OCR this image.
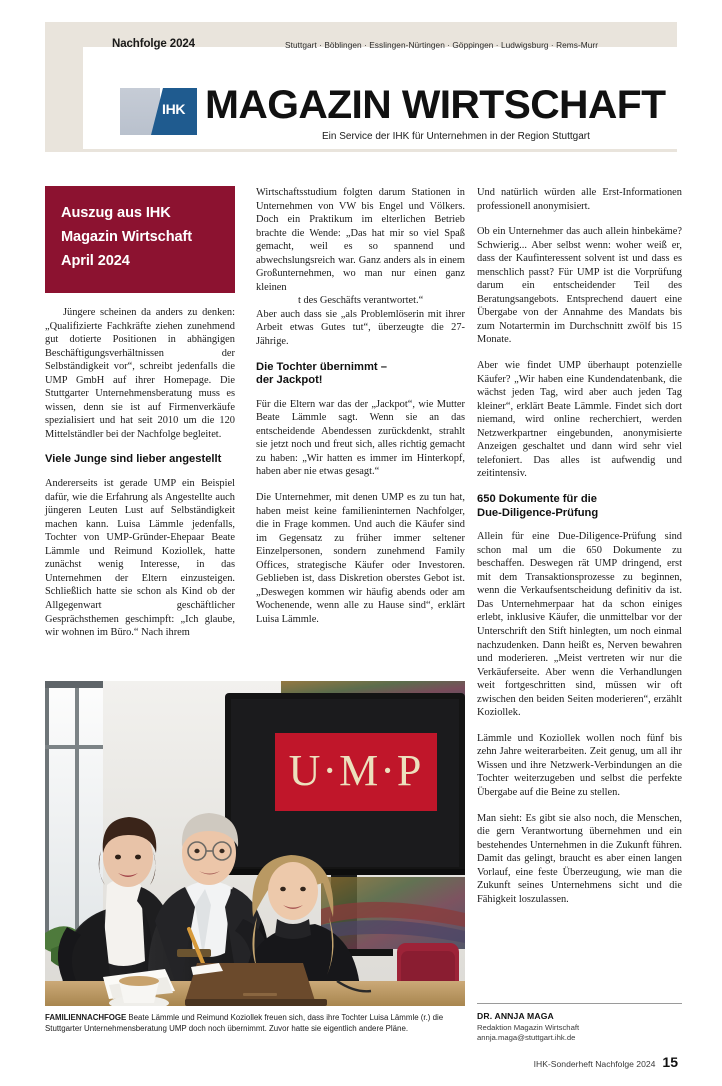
Nachfolge 2024	Stuttgart · Böblingen · Esslingen-Nürtingen · Göppingen · Ludwigsburg · Rems-Murr
IHK MAGAZIN WIRTSCHAFT
Ein Service der IHK für Unternehmen in der Region Stuttgart
Auszug aus IHK
Magazin Wirtschaft
April 2024

Jüngere scheinen da anders zu denken: „Qualifizierte Fachkräfte ziehen zunehmend gut dotierte Positionen in abhängigen Beschäftigungsverhältnissen der Selbständigkeit vor“, schreibt jedenfalls die UMP GmbH auf ihrer Homepage. Die Stuttgarter Unternehmensberatung muss es wissen, denn sie ist auf Firmenverkäufe spezialisiert und hat seit 2010 um die 120 Mittelständler bei der Nachfolge begleitet.

Viele Junge sind lieber angestellt

Andererseits ist gerade UMP ein Beispiel dafür, wie die Erfahrung als Angestellte auch jüngeren Leuten Lust auf Selbständigkeit machen kann. Luisa Lämmle jedenfalls, Tochter von UMP-Gründer-Ehepaar Beate Lämmle und Reimund Koziollek, hatte zunächst wenig Interesse, in das Unternehmen der Eltern einzusteigen. Schließlich hatte sie schon als Kind ob der Allgegenwart geschäftlicher Gesprächsthemen geschimpft: „Ich glaube, wir wohnen im Büro.“ Nach ihrem

Wirtschaftsstudium folgten darum Stationen in Unternehmen von VW bis Engel und Völkers. Doch ein Praktikum im elterlichen Betrieb brachte die Wende: „Das hat mir so viel Spaß gemacht, weil es so spannend und abwechslungsreich war. Ganz anders als in einem Großunternehmen, wo man nur einen ganz kleinen

t des Geschäfts verantwortet.“

Aber auch dass sie „als Problemlöserin mit ihrer Arbeit etwas Gutes tut“, überzeugte die 27-Jährige.

Die Tochter übernimmt –
der Jackpot!

Für die Eltern war das der „Jackpot“, wie Mutter Beate Lämmle sagt. Wenn sie an das entscheidende Abendessen zurückdenkt, strahlt sie jetzt noch und freut sich, alles richtig gemacht zu haben: „Wir hatten es immer im Hinterkopf, haben aber nie etwas gesagt.“

Die Unternehmer, mit denen UMP es zu tun hat, haben meist keine familieninternen Nachfolger, die in Frage kommen. Und auch die Käufer sind im Gegensatz zu früher immer seltener Einzelpersonen, sondern zunehmend Family Offices, strategische Käufer oder Investoren. Geblieben ist, dass Diskretion oberstes Gebot ist. „Deswegen kommen wir häufig abends oder am Wochenende, wenn alle zu Hause sind“, erklärt Luisa Lämmle.

Und natürlich würden alle Erst-Informationen professionell anonymisiert.

Ob ein Unternehmer das auch allein hinbekäme? Schwierig... Aber selbst wenn: woher weiß er, dass der Kaufinteressent solvent ist und dass es menschlich passt? Für UMP ist die Vorprüfung darum ein entscheidender Teil des Beratungsangebots. Entsprechend dauert eine Übergabe von der Annahme des Mandats bis zum Notartermin im Durchschnitt zwölf bis 15 Monate.

Aber wie findet UMP überhaupt potenzielle Käufer? „Wir haben eine Kundendatenbank, die wächst jeden Tag, wird aber auch jeden Tag kleiner“, erklärt Beate Lämmle. Findet sich dort niemand, wird online recherchiert, werden Netzwerkpartner eingebunden, anonymisierte Anzeigen geschaltet und dann wird sehr viel telefoniert. Das alles ist aufwendig und zeitintensiv.

650 Dokumente für die
Due-Diligence-Prüfung

Allein für eine Due-Diligence-Prüfung sind schon mal um die 650 Dokumente zu beschaffen. Deswegen rät UMP dringend, erst mit dem Transaktionsprozesse zu beginnen, wenn die Verkaufsentscheidung definitiv da ist. Das Unternehmerpaar hat da schon einiges erlebt, inklusive Käufer, die unmittelbar vor der Unterschrift den Stift hinlegten, um noch einmal nachzudenken. Dann heißt es, Nerven bewahren und moderieren. „Meist vertreten wir nur die Verkäuferseite. Aber wenn die Verhandlungen weit fortgeschritten sind, müssen wir oft zwischen den beiden Seiten moderieren“, erzählt Koziollek.

Lämmle und Koziollek wollen noch fünf bis zehn Jahre weiterarbeiten. Zeit genug, um all ihr Wissen und ihre Netzwerk-Verbindungen an die Tochter weiterzugeben und selbst die perfekte Übergabe auf die Beine zu stellen.

Man sieht: Es gibt sie also noch, die Menschen, die gern Verantwortung übernehmen und ein bestehendes Unternehmen in die Zukunft führen. Damit das gelingt, braucht es aber einen langen Vorlauf, eine feste Überzeugung, wie man die Zukunft seines Unternehmens sicht und die Fähigkeit loszulassen.

U·M·P
FAMILIENNACHFOGE Beate Lämmle und Reimund Koziollek freuen sich, dass ihre Tochter Luisa Lämmle (r.) die Stuttgarter Unternehmensberatung UMP doch noch übernimmt. Zuvor hatte sie eigentlich andere Pläne.
DR. ANNJA MAGA
Redaktion Magazin Wirtschaft
annja.maga@stuttgart.ihk.de
IHK-Sonderheft Nachfolge 2024 15
